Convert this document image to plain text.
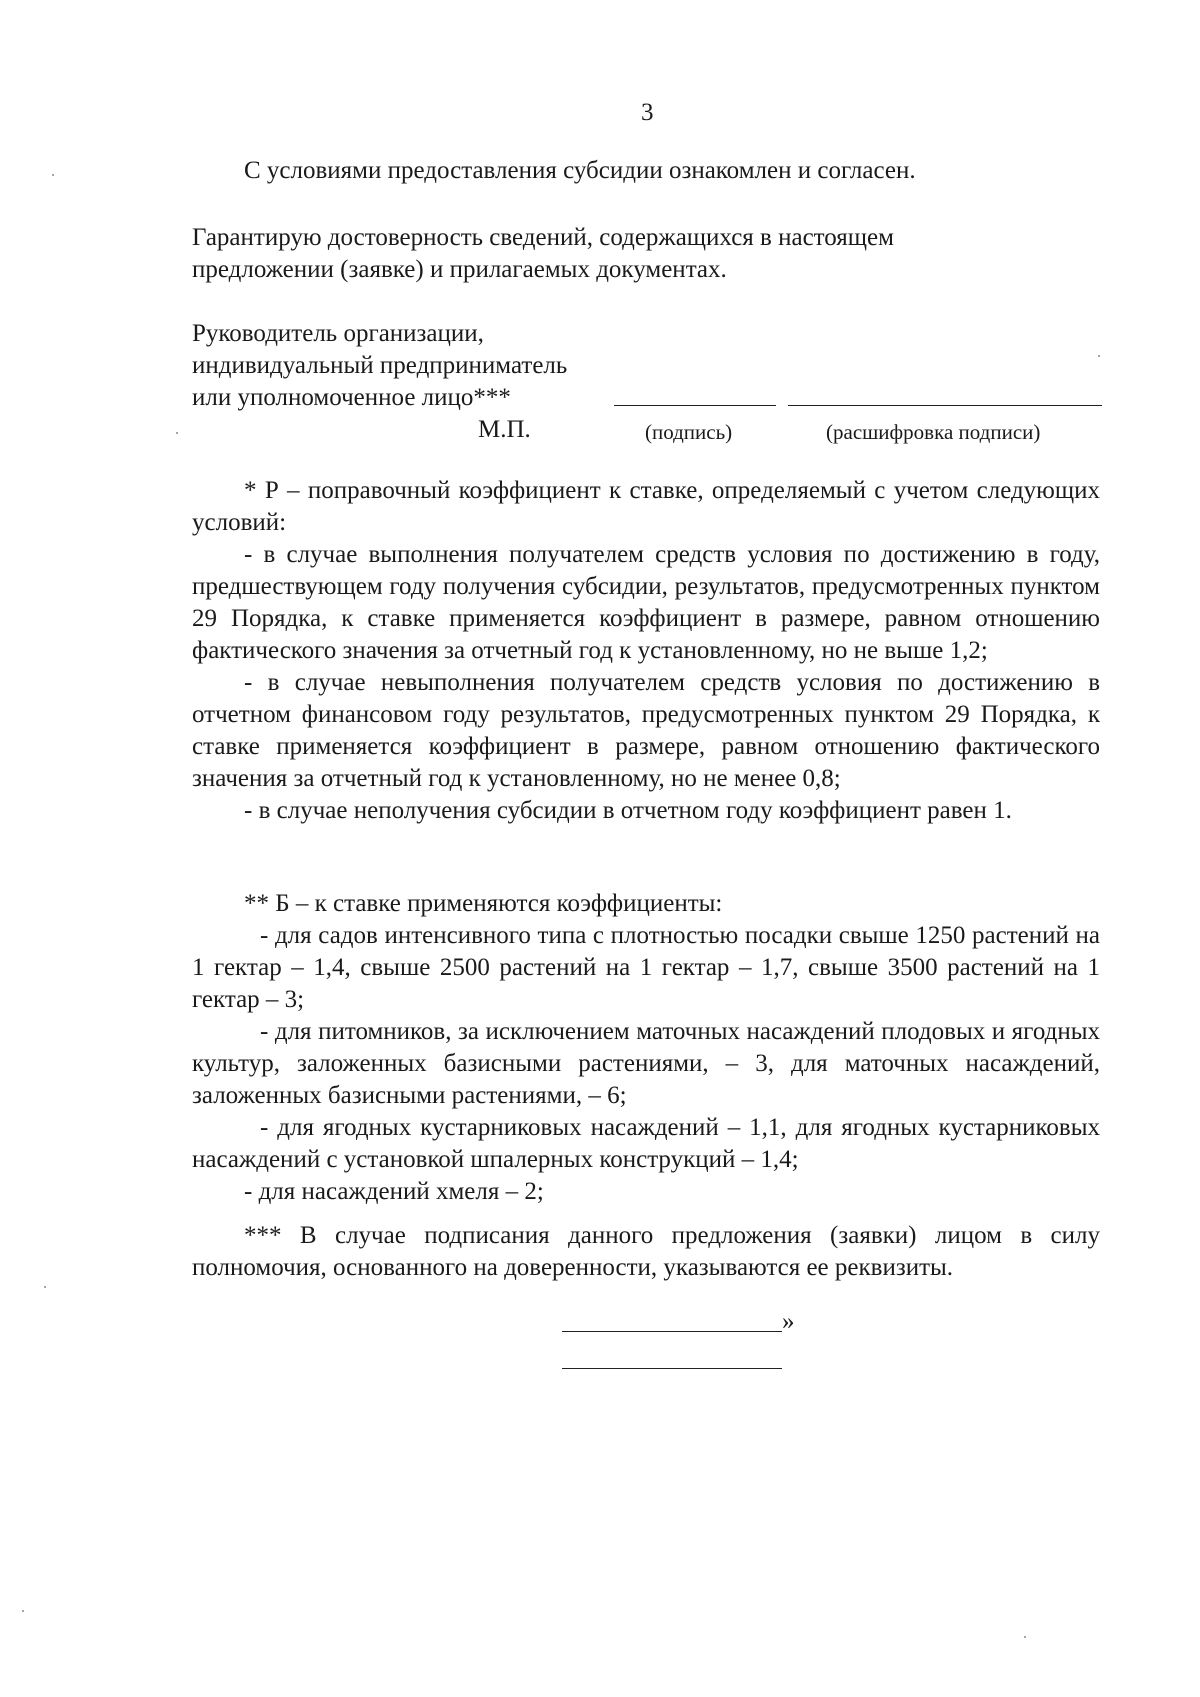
3
С условиями предоставления субсидии ознакомлен и согласен.
Гарантирую достоверность сведений, содержащихся в настоящем
предложении (заявке) и прилагаемых документах.
Руководитель организации,
индивидуальный предприниматель
или уполномоченное лицо***
М.П.	(подпись)	(расшифровка подписи)

* Р – поправочный коэффициент к ставке, определяемый с учетом следующих условий:

- в случае выполнения получателем средств условия по достижению в году, предшествующем году получения субсидии, результатов, предусмотренных пунктом 29 Порядка, к ставке применяется коэффициент в размере, равном отношению фактического значения за отчетный год к установленному, но не выше 1,2;

- в случае невыполнения получателем средств условия по достижению в отчетном финансовом году результатов, предусмотренных пунктом 29 Порядка, к ставке применяется коэффициент в размере, равном отношению фактического значения за отчетный год к установленному, но не менее 0,8;

- в случае неполучения субсидии в отчетном году коэффициент равен 1.

** Б – к ставке применяются коэффициенты:

- для садов интенсивного типа с плотностью посадки свыше 1250 растений на 1 гектар – 1,4, свыше 2500 растений на 1 гектар – 1,7, свыше 3500 растений на 1 гектар – 3;

- для питомников, за исключением маточных насаждений плодовых и ягодных культур, заложенных базисными растениями, – 3, для маточных насаждений, заложенных базисными растениями, – 6;

- для ягодных кустарниковых насаждений – 1,1, для ягодных кустарниковых насаждений с установкой шпалерных конструкций – 1,4;

- для насаждений хмеля – 2;

*** В случае подписания данного предложения (заявки) лицом в силу полномочия, основанного на доверенности, указываются ее реквизиты.

»
